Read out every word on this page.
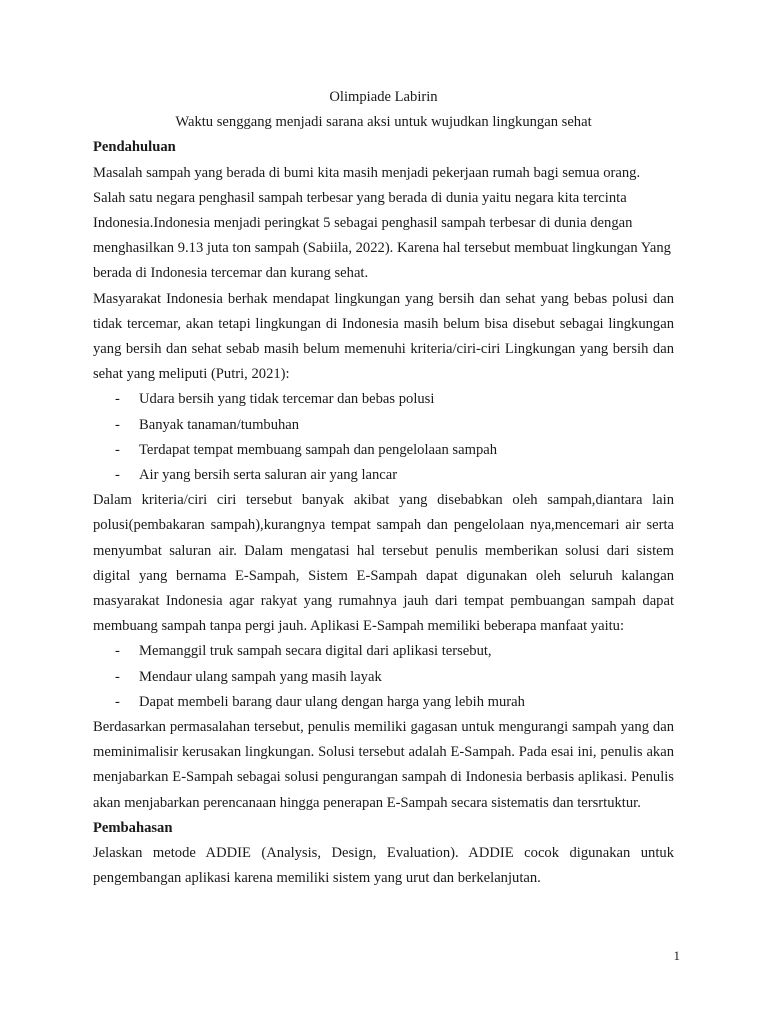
Olimpiade Labirin
Waktu senggang menjadi sarana aksi untuk wujudkan lingkungan sehat
Pendahuluan

Masalah sampah yang berada di bumi kita masih menjadi pekerjaan rumah bagi semua orang. Salah satu negara penghasil sampah terbesar yang berada di dunia yaitu negara kita tercinta Indonesia.Indonesia menjadi peringkat 5 sebagai penghasil sampah terbesar di dunia dengan menghasilkan 9.13 juta ton sampah (Sabiila, 2022). Karena hal tersebut membuat lingkungan Yang berada di Indonesia tercemar dan kurang sehat.

Masyarakat Indonesia berhak mendapat lingkungan yang bersih dan sehat yang bebas polusi dan tidak tercemar, akan tetapi lingkungan di Indonesia masih belum bisa disebut sebagai lingkungan yang bersih dan sehat sebab masih belum memenuhi kriteria/ciri-ciri Lingkungan yang bersih dan sehat yang meliputi (Putri, 2021):

- Udara bersih yang tidak tercemar dan bebas polusi
- Banyak tanaman/tumbuhan
- Terdapat tempat membuang sampah dan pengelolaan sampah
- Air yang bersih serta saluran air yang lancar

Dalam kriteria/ciri ciri tersebut banyak akibat yang disebabkan oleh sampah,diantara lain polusi(pembakaran sampah),kurangnya tempat sampah dan pengelolaan nya,mencemari air serta menyumbat saluran air. Dalam mengatasi hal tersebut penulis memberikan solusi dari sistem digital yang bernama E-Sampah, Sistem E-Sampah dapat digunakan oleh seluruh kalangan masyarakat Indonesia agar rakyat yang rumahnya jauh dari tempat pembuangan sampah dapat membuang sampah tanpa pergi jauh. Aplikasi E-Sampah memiliki beberapa manfaat yaitu:

- Memanggil truk sampah secara digital dari aplikasi tersebut,
- Mendaur ulang sampah yang masih layak
- Dapat membeli barang daur ulang dengan harga yang lebih murah

Berdasarkan permasalahan tersebut, penulis memiliki gagasan untuk mengurangi sampah yang dan meminimalisir kerusakan lingkungan. Solusi tersebut adalah E-Sampah. Pada esai ini, penulis akan menjabarkan E-Sampah sebagai solusi pengurangan sampah di Indonesia berbasis aplikasi. Penulis akan menjabarkan perencanaan hingga penerapan E-Sampah secara sistematis dan tersrtuktur.

Pembahasan

Jelaskan metode ADDIE (Analysis, Design, Evaluation). ADDIE cocok digunakan untuk pengembangan aplikasi karena memiliki sistem yang urut dan berkelanjutan.

1
